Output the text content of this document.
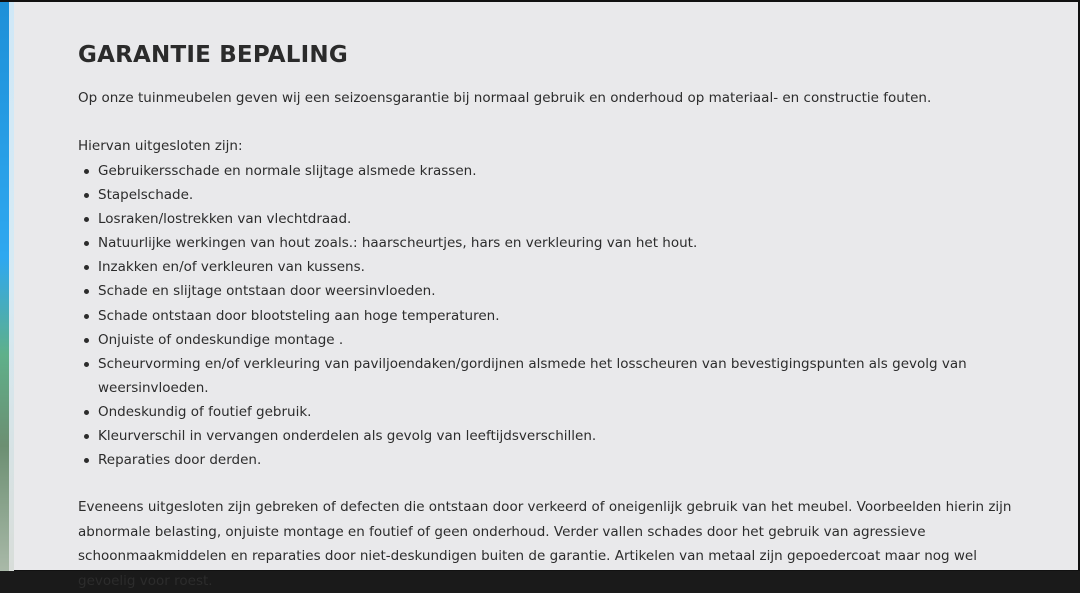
GARANTIE BEPALING

Op onze tuinmeubelen geven wij een seizoensgarantie bij normaal gebruik en onderhoud op materiaal- en constructie fouten.

Hiervan uitgesloten zijn:

Gebruikersschade en normale slijtage alsmede krassen.
Stapelschade.
Losraken/lostrekken van vlechtdraad.
Natuurlijke werkingen van hout zoals.: haarscheurtjes, hars en verkleuring van het hout.
Inzakken en/of verkleuren van kussens.
Schade en slijtage ontstaan door weersinvloeden.
Schade ontstaan door blootsteling aan hoge temperaturen.
Onjuiste of ondeskundige montage .
Scheurvorming en/of verkleuring van paviljoendaken/gordijnen alsmede het losscheuren van bevestigingspunten als gevolg van weersinvloeden.
Ondeskundig of foutief gebruik.
Kleurverschil in vervangen onderdelen als gevolg van leeftijdsverschillen.
Reparaties door derden.

Eveneens uitgesloten zijn gebreken of defecten die ontstaan door verkeerd of oneigenlijk gebruik van het meubel. Voorbeelden hierin zijn abnormale belasting, onjuiste montage en foutief of geen onderhoud. Verder vallen schades door het gebruik van agressieve schoonmaakmiddelen en reparaties door niet-deskundigen buiten de garantie. Artikelen van metaal zijn gepoedercoat maar nog wel gevoelig voor roest.
